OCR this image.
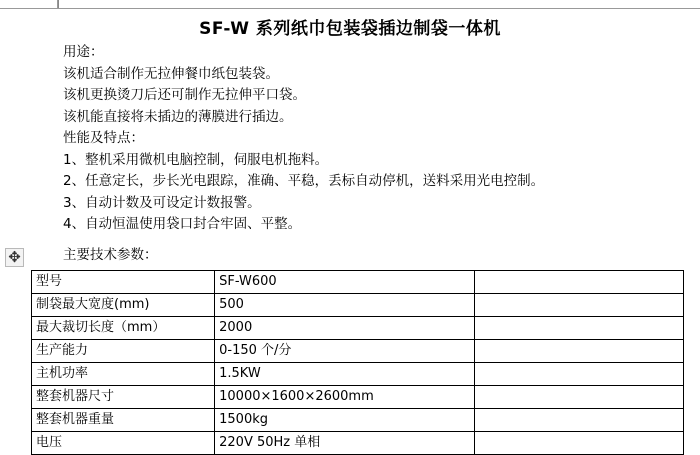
SF-W 系列纸巾包装袋插边制袋一体机

用途：

该机适合制作无拉伸餐巾纸包装袋。

该机更换烫刀后还可制作无拉伸平口袋。

该机能直接将未插边的薄膜进行插边。

性能及特点：

1、整机采用微机电脑控制，伺服电机拖料。

2、任意定长，步长光电跟踪，准确、平稳，丢标自动停机，送料采用光电控制。

3、自动计数及可设定计数报警。

4、自动恒温使用袋口封合牢固、平整。

主要技术参数：
✥
型号	SF-W600	
制袋最大宽度(mm)	500	
最大裁切长度（mm）	2000	
生产能力	0-150 个/分	
主机功率	1.5KW	
整套机器尺寸	10000×1600×2600mm	
整套机器重量	1500kg	
电压	220V 50Hz 单相	
